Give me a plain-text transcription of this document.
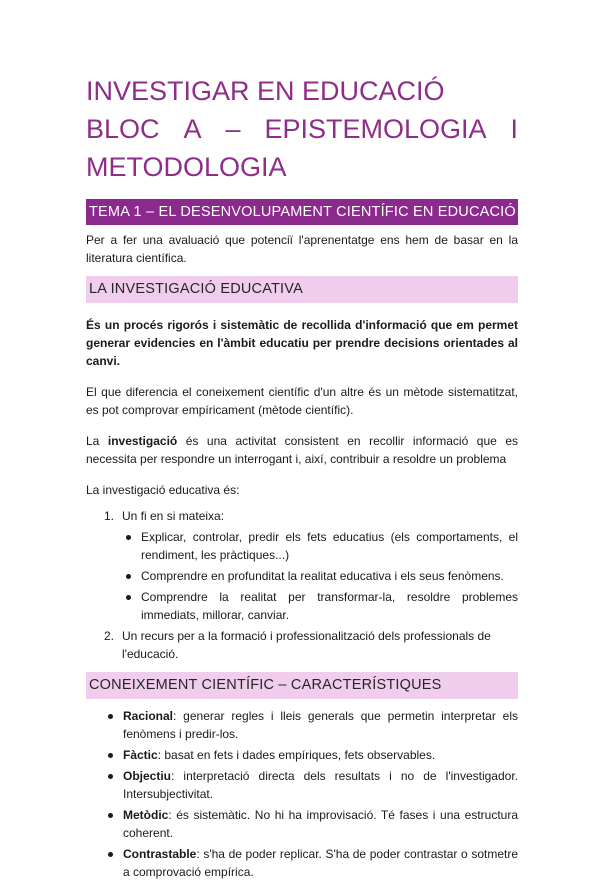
INVESTIGAR EN EDUCACIÓ
BLOC A – EPISTEMOLOGIA I
METODOLOGIA
TEMA 1 – EL DESENVOLUPAMENT CIENTÍFIC EN EDUCACIÓ

Per a fer una avaluació que potenciï l'aprenentatge ens hem de basar en la literatura científica.

LA INVESTIGACIÓ EDUCATIVA

És un procés rigorós i sistemàtic de recollida d'informació que em permet generar evidencies en l'àmbit educatiu per prendre decisions orientades al canvi.

El que diferencia el coneixement científic d'un altre és un mètode sistematitzat, es pot comprovar empíricament (mètode científic).

La investigació és una activitat consistent en recollir informació que es necessita per respondre un interrogant i, així, contribuir a resoldre un problema

La investigació educativa és:

1. Un fi en si mateixa:
Explicar, controlar, predir els fets educatius (els comportaments, el rendiment, les pràctiques...)
Comprendre en profunditat la realitat educativa i els seus fenòmens.
Comprendre la realitat per transformar-la, resoldre problemes immediats, millorar, canviar.
2. Un recurs per a la formació i professionalització dels professionals de l'educació.
CONEIXEMENT CIENTÍFIC – CARACTERÍSTIQUES
Racional: generar regles i lleis generals que permetin interpretar els fenòmens i predir-los.
Fàctic: basat en fets i dades empíriques, fets observables.
Objectiu: interpretació directa dels resultats i no de l'investigador. Intersubjectivitat.
Metòdic: és sistemàtic. No hi ha improvisació. Té fases i una estructura coherent.
Contrastable: s'ha de poder replicar. S'ha de poder contrastar o sotmetre a comprovació empírica.
